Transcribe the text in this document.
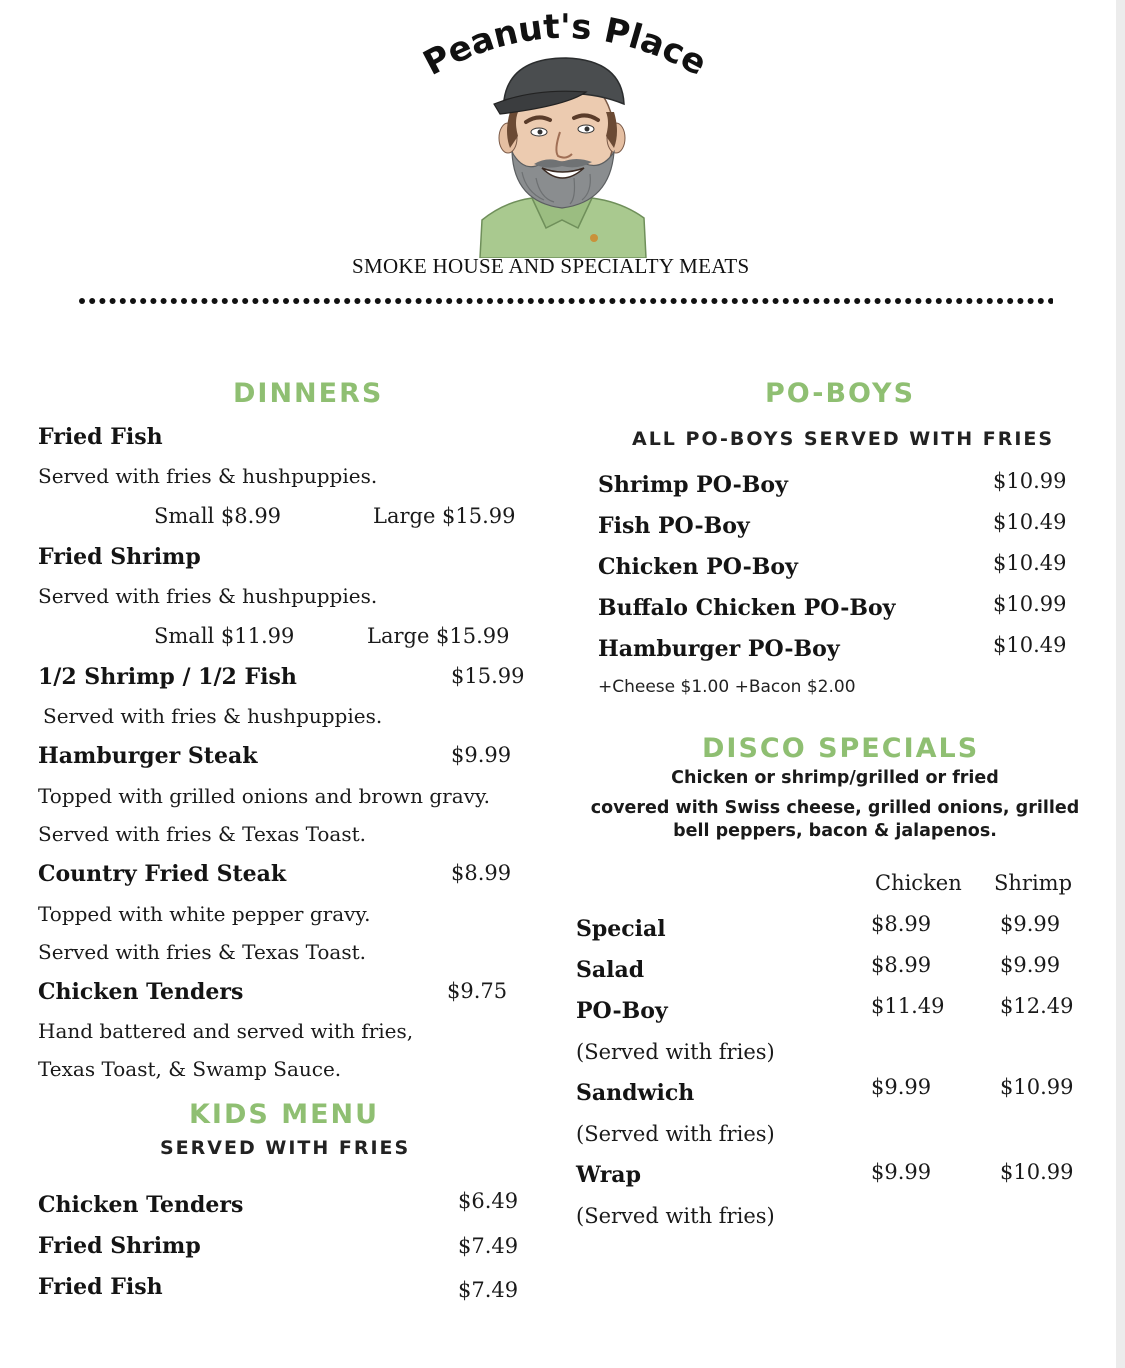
Peanut's Place
SMOKE HOUSE AND SPECIALTY MEATS
DINNERS
Fried Fish
Served with fries & hushpuppies.
Small $8.99	Large $15.99
Fried Shrimp
Served with fries & hushpuppies.
Small $11.99	Large $15.99
1/2 Shrimp / 1/2 Fish	$15.99
Served with fries & hushpuppies.
Hamburger Steak	$9.99
Topped with grilled onions and brown gravy.
Served with fries & Texas Toast.
Country Fried Steak	$8.99
Topped with white pepper gravy.
Served with fries & Texas Toast.
Chicken Tenders	$9.75
Hand battered and served with fries,
Texas Toast, & Swamp Sauce.
KIDS MENU
SERVED WITH FRIES
Chicken Tenders	$6.49
Fried Shrimp	$7.49
Fried Fish	$7.49
PO-BOYS
ALL PO-BOYS SERVED WITH FRIES
Shrimp PO-Boy	$10.99
Fish PO-Boy	$10.49
Chicken PO-Boy	$10.49
Buffalo Chicken PO-Boy	$10.99
Hamburger PO-Boy	$10.49
+Cheese $1.00 +Bacon $2.00
DISCO SPECIALS
Chicken or shrimp/grilled or fried
covered with Swiss cheese, grilled onions, grilled
bell peppers, bacon & jalapenos.
Chicken Shrimp
Special	$8.99	$9.99
Salad	$8.99	$9.99
PO-Boy	$11.49	$12.49
(Served with fries)
Sandwich	$9.99	$10.99
(Served with fries)
Wrap	$9.99	$10.99
(Served with fries)
